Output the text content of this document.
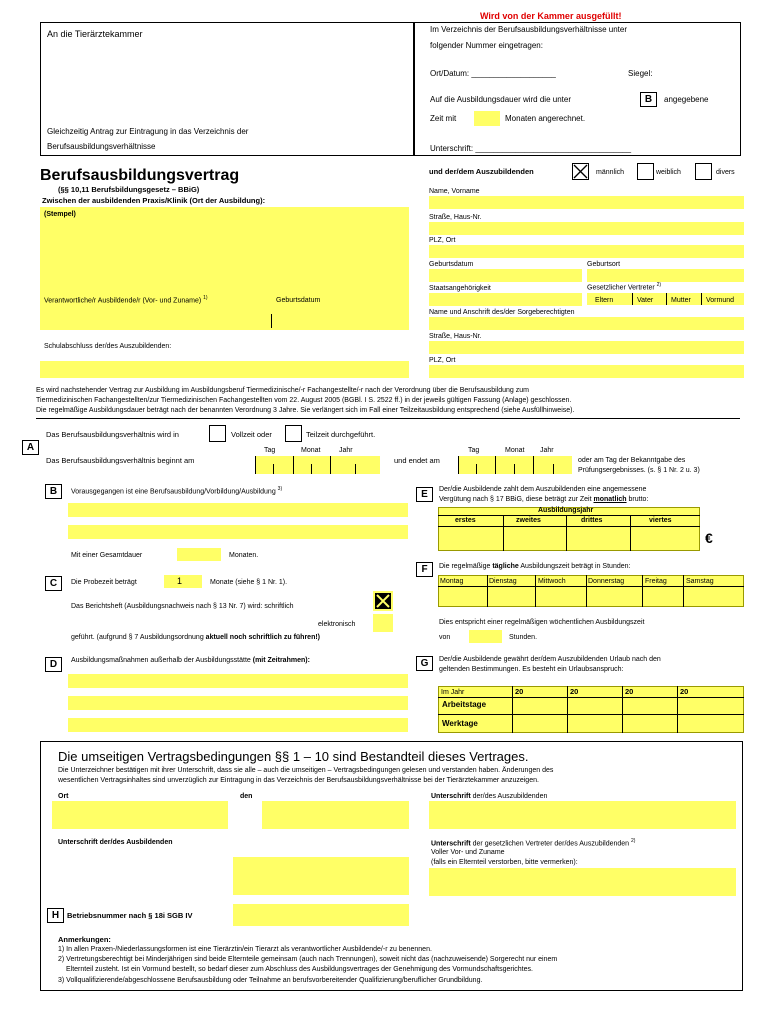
Wird von der Kammer ausgefüllt!
An die Tierärztekammer
Gleichzeitig Antrag zur Eintragung in das Verzeichnis der
Berufsausbildungsverhältnisse
Im Verzeichnis der Berufsausbildungsverhältnisse unter
folgender Nummer eingetragen:
Ort/Datum: ___________________	Siegel:
Auf die Ausbildungsdauer wird die unter	B	angegebene
Zeit mit	Monaten angerechnet.
Unterschrift: ___________________________________
Berufsausbildungsvertrag
(§§ 10,11 Berufsbildungsgesetz – BBiG)
Zwischen der ausbildenden Praxis/Klinik (Ort der Ausbildung):
(Stempel)
Verantwortliche/r Ausbildende/r (Vor- und Zuname) $^{1)}$	Geburtsdatum
Schulabschluss der/des Auszubildenden:
und der/dem Auszubildenden	männlich	weiblich	divers
Name, Vorname
Straße, Haus-Nr.
PLZ, Ort
Geburtsdatum	Geburtsort
Staatsangehörigkeit	Gesetzlicher Vertreter $^{2)}$
Eltern	Vater	Mutter Vormund
Name und Anschrift des/der Sorgeberechtigten
Straße, Haus-Nr.
PLZ, Ort
Es wird nachstehender Vertrag zur Ausbildung im Ausbildungsberuf Tiermedizinische/-r Fachangestellte/-r nach der Verordnung über die Berufsausbildung zum
Tiermedizinischen Fachangestellten/zur Tiermedizinischen Fachangestellten vom 22. August 2005 (BGBl. I S. 2522 ff.) in der jeweils gültigen Fassung (Anlage) geschlossen.
Die regelmäßige Ausbildungsdauer beträgt nach der benannten Verordnung 3 Jahre. Sie verlängert sich im Fall einer Teilzeitausbildung entsprechend (siehe Ausfüllhinweise).
A
Das Berufsausbildungsverhältnis wird in	Vollzeit oder	Teilzeit durchgeführt.
Tag	Monat	Jahr
Das Berufsausbildungsverhältnis beginnt am	und endet am
Tag	Monat Jahr
oder am Tag der Bekanntgabe des
Prüfungsergebnisses. (s. § 1 Nr. 2 u. 3)
B	Vorausgegangen ist eine Berufsausbildung/Vorbildung/Ausbildung $^{3)}$
Mit einer Gesamtdauer	Monaten.
C	Die Probezeit beträgt	1	Monate (siehe § 1 Nr. 1).
Das Berichtsheft (Ausbildungsnachweis nach § 13 Nr. 7) wird: schriftlich
elektronisch
geführt. (aufgrund § 7 Ausbildungsordnung aktuell noch schriftlich zu führen!)
D	Ausbildungsmaßnahmen außerhalb der Ausbildungsstätte (mit Zeitrahmen):
E	Der/die Ausbildende zahlt dem Auszubildenden eine angemessene
Vergütung nach § 17 BBiG, diese beträgt zur Zeit monatlich brutto:
Ausbildungsjahr
erstes	zweites	drittes	viertes
€
F	Die regelmäßige tägliche Ausbildungszeit beträgt in Stunden:
Montag	Dienstag	Mittwoch	Donnerstag	Freitag	Samstag
Dies entspricht einer regelmäßigen wöchentlichen Ausbildungszeit
von	Stunden.
G	Der/die Ausbildende gewährt der/dem Auszubildenden Urlaub nach den
geltenden Bestimmungen. Es besteht ein Urlaubsanspruch:
Im Jahr	20	20	20	20
Arbeitstage
Werktage
Die umseitigen Vertragsbedingungen §§ 1 – 10 sind Bestandteil dieses Vertrages.
Die Unterzeichner bestätigen mit ihrer Unterschrift, dass sie alle – auch die umseitigen – Vertragsbedingungen gelesen und verstanden haben. Änderungen des
wesentlichen Vertragsinhaltes sind unverzüglich zur Eintragung in das Verzeichnis der Berufsausbildungsverhältnisse bei der Tierärztekammer anzuzeigen.
Ort	den	Unterschrift der/des Auszubildenden
Unterschrift der/des Ausbildenden	Unterschrift der gesetzlichen Vertreter der/des Auszubildenden $^{2)}$
Voller Vor- und Zuname
(falls ein Elternteil verstorben, bitte vermerken):
H	Betriebsnummer nach § 18i SGB IV
Anmerkungen:
1) In allen Praxen-/Niederlassungsformen ist eine Tierärztin/ein Tierarzt als verantwortlicher Ausbildende/-r zu benennen.
2) Vertretungsberechtigt bei Minderjährigen sind beide Elternteile gemeinsam (auch nach Trennungen), soweit nicht das (nachzuweisende) Sorgerecht nur einem
Elternteil zusteht. Ist ein Vormund bestellt, so bedarf dieser zum Abschluss des Ausbildungsvertrages der Genehmigung des Vormundschaftsgerichtes.
3) Vollqualifizierende/abgeschlossene Berufsausbildung oder Teilnahme an berufsvorbereitender Qualifizierung/beruflicher Grundbildung.
